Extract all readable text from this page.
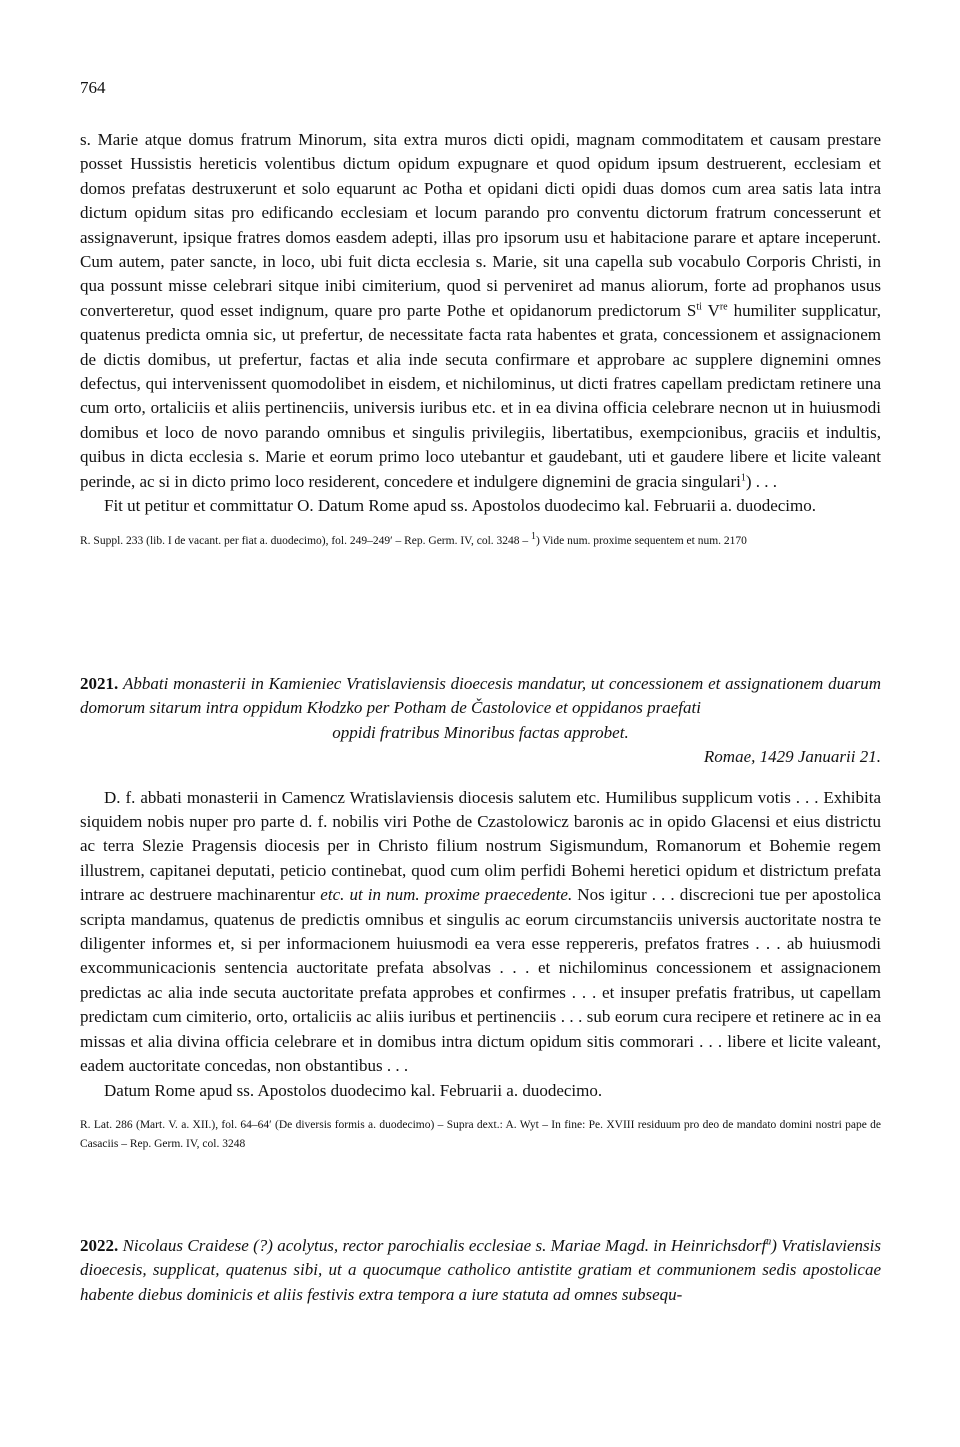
764

s. Marie atque domus fratrum Minorum, sita extra muros dicti opidi, magnam commoditatem et causam prestare posset Hussistis hereticis volentibus dictum opidum expugnare et quod opidum ipsum destruerent, ecclesiam et domos prefatas destruxerunt et solo equarunt ac Potha et opidani dicti opidi duas domos cum area satis lata intra dictum opidum sitas pro edificando ecclesiam et locum parando pro conventu dictorum fratrum concesserunt et assignaverunt, ipsique fratres domos easdem adepti, illas pro ipsorum usu et habitacione parare et aptare inceperunt. Cum autem, pater sancte, in loco, ubi fuit dicta ecclesia s. Marie, sit una capella sub vocabulo Corporis Christi, in qua possunt misse celebrari sitque inibi cimiterium, quod si perveniret ad manus aliorum, forte ad prophanos usus converteretur, quod esset indignum, quare pro parte Pothe et opidanorum predictorum $S^{ti}$ Vre humiliter supplicatur, quatenus predicta omnia sic, ut prefertur, de necessitate facta rata habentes et grata, concessionem et assignacionem de dictis domibus, ut prefertur, factas et alia inde secuta confirmare et approbare ac supplere dignemini omnes defectus, qui intervenissent quomodolibet in eisdem, et nichilominus, ut dicti fratres capellam predictam retinere una cum orto, ortaliciis et aliis pertinenciis, universis iuribus etc. et in ea divina officia celebrare necnon ut in huiusmodi domibus et loco de novo parando omnibus et singulis privilegiis, libertatibus, exempcionibus, graciis et indultis, quibus in dicta ecclesia s. Marie et eorum primo loco utebantur et gaudebant, uti et gaudere libere et licite valeant perinde, ac si in dicto primo loco residerent, concedere et indulgere dignemini de gracia singulari$^1$) . . .

Fit ut petitur et committatur O. Datum Rome apud ss. Apostolos duodecimo kal. Februarii a. duodecimo.

R. Suppl. 233 (lib. I de vacant. per fiat a. duodecimo), fol. 249–249′ – Rep. Germ. IV, col. 3248 – $^1$) Vide num. proxime sequentem et num. 2170

2021. Abbati monasterii in Kamieniec Vratislaviensis dioecesis mandatur, ut concessionem et assignationem duarum domorum sitarum intra oppidum Kłodzko per Potham de Častolovice et oppidanos praefati

oppidi fratribus Minoribus factas approbet.

Romae, 1429 Januarii 21.

D. f. abbati monasterii in Camencz Wratislaviensis diocesis salutem etc. Humilibus supplicum votis . . . Exhibita siquidem nobis nuper pro parte d. f. nobilis viri Pothe de Czastolowicz baronis ac in opido Glacensi et eius districtu ac terra Slezie Pragensis diocesis per in Christo filium nostrum Sigismundum, Romanorum et Bohemie regem illustrem, capitanei deputati, peticio continebat, quod cum olim perfidi Bohemi heretici opidum et districtum prefata intrare ac destruere machinarentur etc. ut in num. proxime praecedente. Nos igitur . . . discrecioni tue per apostolica scripta mandamus, quatenus de predictis omnibus et singulis ac eorum circumstanciis universis auctoritate nostra te diligenter informes et, si per informacionem huiusmodi ea vera esse reppereris, prefatos fratres . . . ab huiusmodi excommunicacionis sentencia auctoritate prefata absolvas . . . et nichilominus concessionem et assignacionem predictas ac alia inde secuta auctoritate prefata approbes et confirmes . . . et insuper prefatis fratribus, ut capellam predictam cum cimiterio, orto, ortaliciis ac aliis iuribus et pertinenciis . . . sub eorum cura recipere et retinere ac in ea missas et alia divina officia celebrare et in domibus intra dictum opidum sitis commorari . . . libere et licite valeant, eadem auctoritate concedas, non obstantibus . . .

Datum Rome apud ss. Apostolos duodecimo kal. Februarii a. duodecimo.

R. Lat. 286 (Mart. V. a. XII.), fol. 64–64′ (De diversis formis a. duodecimo) – Supra dext.: A. Wyt – In fine: Pe. XVIII residuum pro deo de mandato domini nostri pape de Casaciis – Rep. Germ. IV, col. 3248

2022. Nicolaus Craidese (?) acolytus, rector parochialis ecclesiae s. Mariae Magd. in Heinrichsdorf$^a$) Vratislaviensis dioecesis, supplicat, quatenus sibi, ut a quocumque catholico antistite gratiam et communionem sedis apostolicae habente diebus dominicis et aliis festivis extra tempora a iure statuta ad omnes subsequ-
